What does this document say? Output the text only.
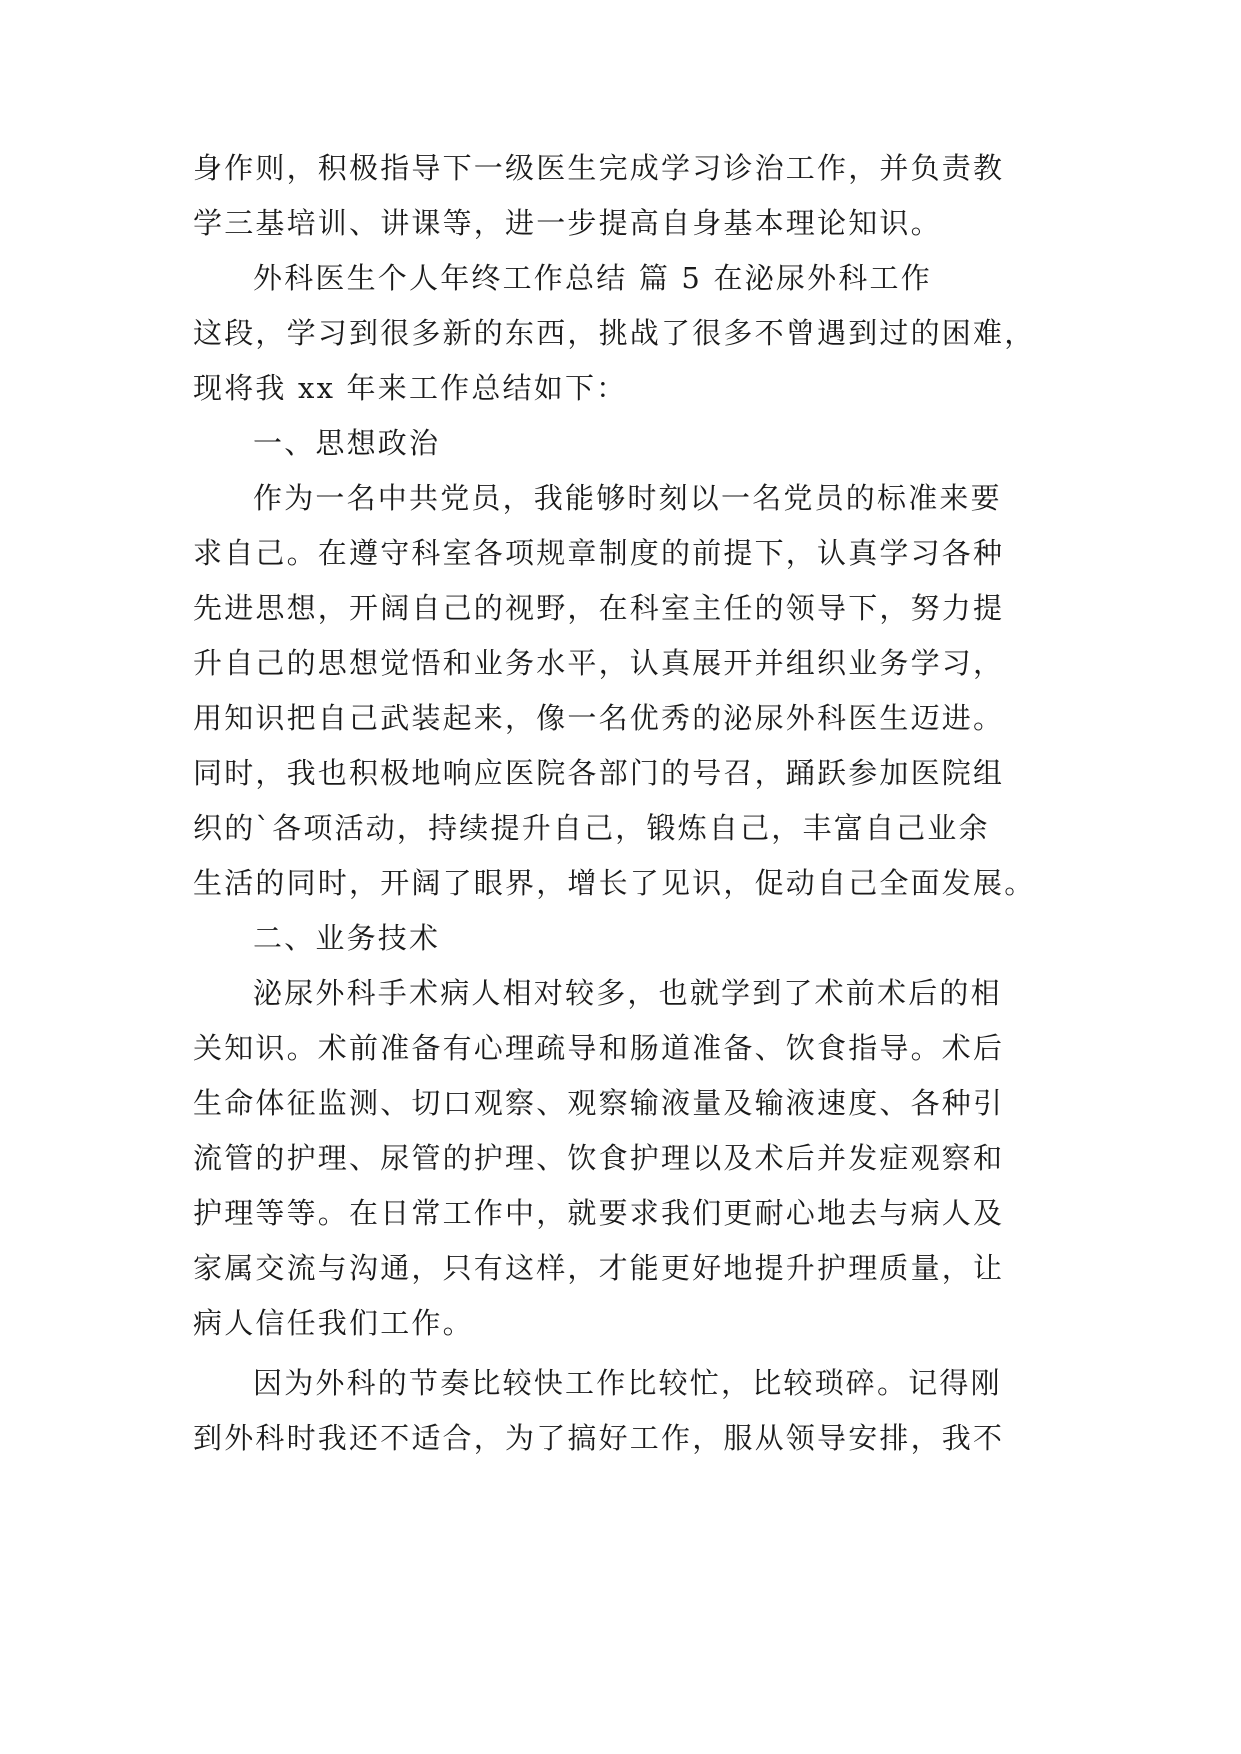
身作则，积极指导下一级医生完成学习诊治工作，并负责教
学三基培训、讲课等，进一步提高自身基本理论知识。
外科医生个人年终工作总结 篇 5 在泌尿外科工作
这段，学习到很多新的东西，挑战了很多不曾遇到过的困难，
现将我 xx 年来工作总结如下：
一、思想政治
作为一名中共党员，我能够时刻以一名党员的标准来要
求自己。在遵守科室各项规章制度的前提下，认真学习各种
先进思想，开阔自己的视野，在科室主任的领导下，努力提
升自己的思想觉悟和业务水平，认真展开并组织业务学习，
用知识把自己武装起来，像一名优秀的泌尿外科医生迈进。
同时，我也积极地响应医院各部门的号召，踊跃参加医院组
织的`各项活动，持续提升自己，锻炼自己，丰富自己业余
生活的同时，开阔了眼界，增长了见识，促动自己全面发展。
二、业务技术
泌尿外科手术病人相对较多，也就学到了术前术后的相
关知识。术前准备有心理疏导和肠道准备、饮食指导。术后
生命体征监测、切口观察、观察输液量及输液速度、各种引
流管的护理、尿管的护理、饮食护理以及术后并发症观察和
护理等等。在日常工作中，就要求我们更耐心地去与病人及
家属交流与沟通，只有这样，才能更好地提升护理质量，让
病人信任我们工作。
因为外科的节奏比较快工作比较忙，比较琐碎。记得刚
到外科时我还不适合，为了搞好工作，服从领导安排，我不
